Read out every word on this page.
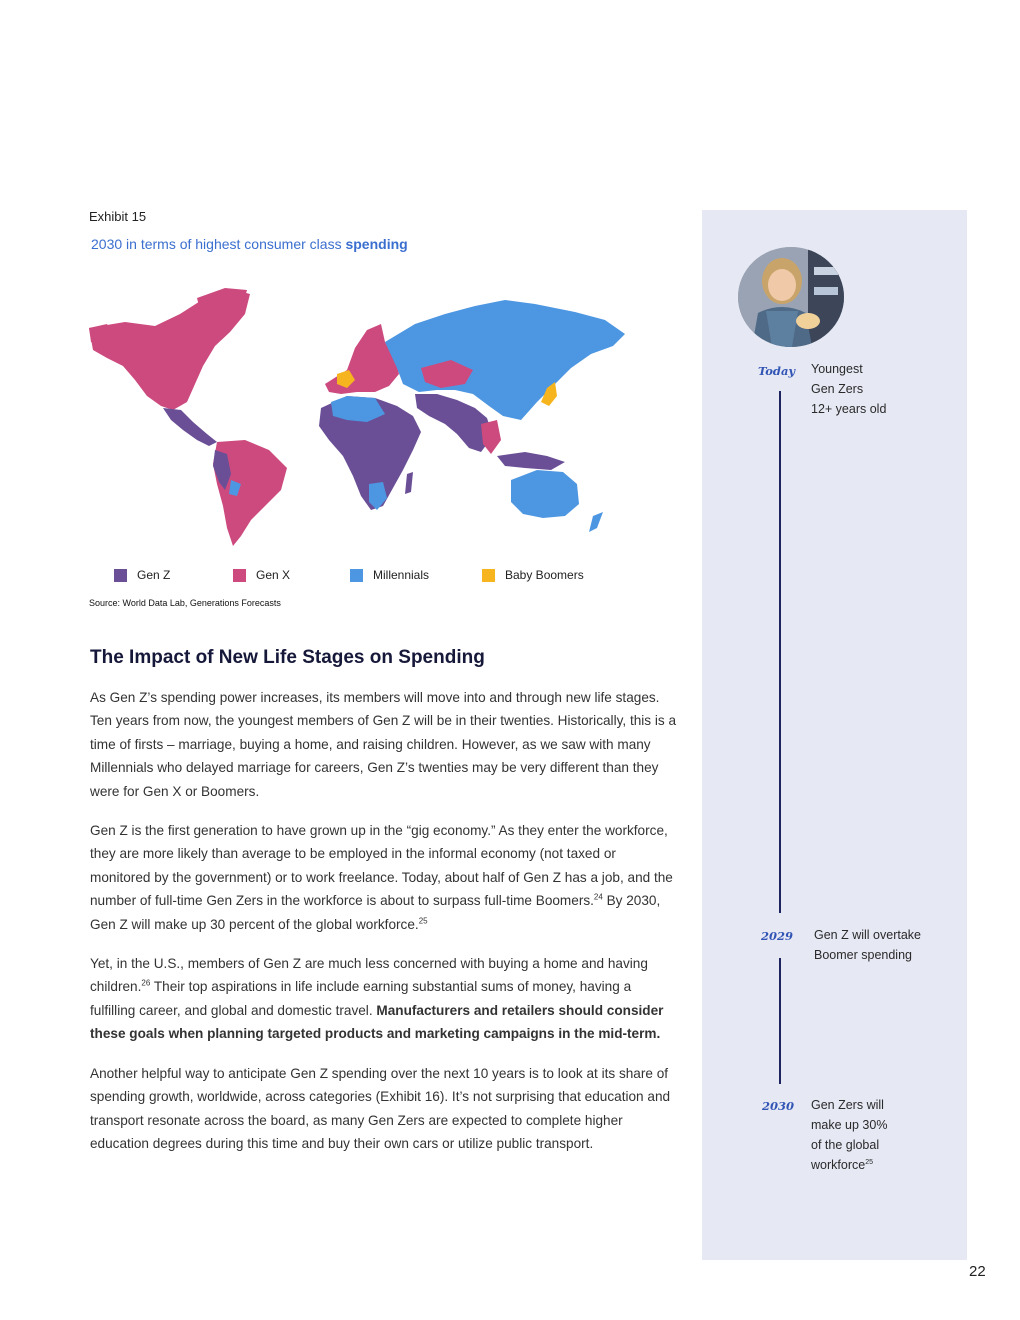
Exhibit 15
2030 in terms of highest consumer class spending
Gen Z	Gen X	Millennials	Baby Boomers
Source: World Data Lab, Generations Forecasts
The Impact of New Life Stages on Spending

As Gen Z’s spending power increases, its members will move into and through new life stages. Ten years from now, the youngest members of Gen Z will be in their twenties. Historically, this is a time of firsts – marriage, buying a home, and raising children. However, as we saw with many Millennials who delayed marriage for careers, Gen Z’s twenties may be very different than they were for Gen X or Boomers.

Gen Z is the first generation to have grown up in the “gig economy.” As they enter the workforce, they are more likely than average to be employed in the informal economy (not taxed or monitored by the government) or to work freelance. Today, about half of Gen Z has a job, and the number of full-time Gen Zers in the workforce is about to surpass full-time Boomers.$^{24}$ By 2030, Gen Z will make up 30 percent of the global workforce.$^{25}$

Yet, in the U.S., members of Gen Z are much less concerned with buying a home and having children.$^{26}$ Their top aspirations in life include earning substantial sums of money, having a fulfilling career, and global and domestic travel. Manufacturers and retailers should consider these goals when planning targeted products and marketing campaigns in the mid-term.

Another helpful way to anticipate Gen Z spending over the next 10 years is to look at its share of spending growth, worldwide, across categories (Exhibit 16). It’s not surprising that education and transport resonate across the board, as many Gen Zers are expected to complete higher education degrees during this time and buy their own cars or utilize public transport.

Today Youngest
Gen Zers
12+ years old
2029 Gen Z will overtake
Boomer spending
2030 Gen Zers will
make up 30%
of the global
workforce$^{25}$
22
